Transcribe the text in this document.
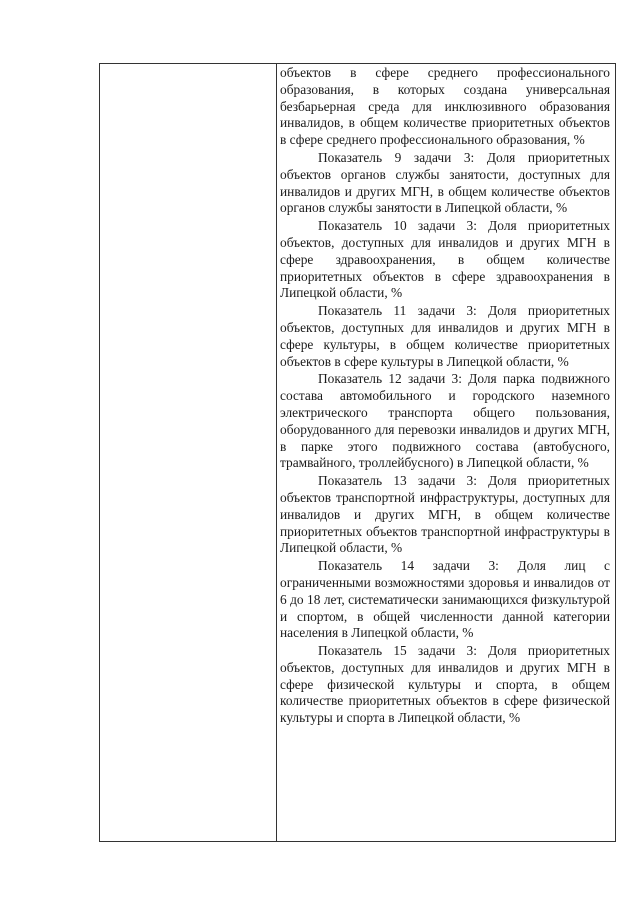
объектов в сфере среднего профессионального образования, в которых создана универсальная безбарьерная среда для инклюзивного образования инвалидов, в общем количестве приоритетных объектов в сфере среднего профессионального образования, %

Показатель 9 задачи 3: Доля приоритетных объектов органов службы занятости, доступных для инвалидов и других МГН, в общем количестве объектов органов службы занятости в Липецкой области, %

Показатель 10 задачи 3: Доля приоритетных объектов, доступных для инвалидов и других МГН в сфере здравоохранения, в общем количестве приоритетных объектов в сфере здравоохранения в Липецкой области, %

Показатель 11 задачи 3: Доля приоритетных объектов, доступных для инвалидов и других МГН в сфере культуры, в общем количестве приоритетных объектов в сфере культуры в Липецкой области, %

Показатель 12 задачи 3: Доля парка подвижного состава автомобильного и городского наземного электрического транспорта общего пользования, оборудованного для перевозки инвалидов и других МГН, в парке этого подвижного состава (автобусного, трамвайного, троллейбусного) в Липецкой области, %

Показатель 13 задачи 3: Доля приоритетных объектов транспортной инфраструктуры, доступных для инвалидов и других МГН, в общем количестве приоритетных объектов транспортной инфраструктуры в Липецкой области, %

Показатель 14 задачи 3: Доля лиц с ограниченными возможностями здоровья и инвалидов от 6 до 18 лет, систематически занимающихся физкультурой и спортом, в общей численности данной категории населения в Липецкой области, %

Показатель 15 задачи 3: Доля приоритетных объектов, доступных для инвалидов и других МГН в сфере физической культуры и спорта, в общем количестве приоритетных объектов в сфере физической культуры и спорта в Липецкой области, %
